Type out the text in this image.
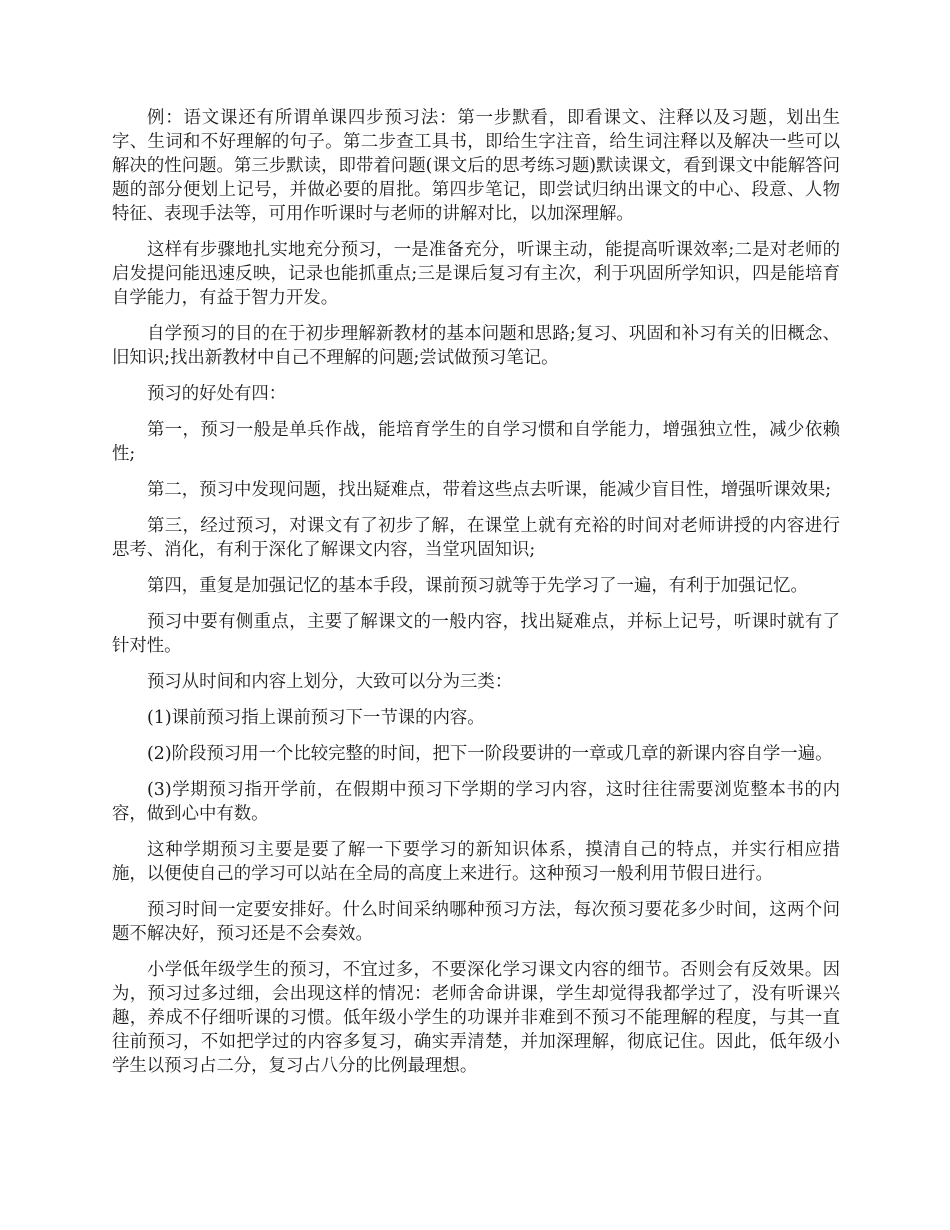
例：语文课还有所谓单课四步预习法：第一步默看，即看课文、注释以及习题，划出生字、生词和不好理解的句子。第二步查工具书，即给生字注音，给生词注释以及解决一些可以解决的性问题。第三步默读，即带着问题(课文后的思考练习题)默读课文，看到课文中能解答问题的部分便划上记号，并做必要的眉批。第四步笔记，即尝试归纳出课文的中心、段意、人物特征、表现手法等，可用作听课时与老师的讲解对比，以加深理解。

这样有步骤地扎实地充分预习，一是准备充分，听课主动，能提高听课效率;二是对老师的启发提问能迅速反映，记录也能抓重点;三是课后复习有主次，利于巩固所学知识，四是能培育自学能力，有益于智力开发。

自学预习的目的在于初步理解新教材的基本问题和思路;复习、巩固和补习有关的旧概念、旧知识;找出新教材中自己不理解的问题;尝试做预习笔记。

预习的好处有四：

第一，预习一般是单兵作战，能培育学生的自学习惯和自学能力，增强独立性，减少依赖性;

第二，预习中发现问题，找出疑难点，带着这些点去听课，能减少盲目性，增强听课效果;

第三，经过预习，对课文有了初步了解，在课堂上就有充裕的时间对老师讲授的内容进行思考、消化，有利于深化了解课文内容，当堂巩固知识;

第四，重复是加强记忆的基本手段，课前预习就等于先学习了一遍，有利于加强记忆。

预习中要有侧重点，主要了解课文的一般内容，找出疑难点，并标上记号，听课时就有了针对性。

预习从时间和内容上划分，大致可以分为三类：

(1)课前预习指上课前预习下一节课的内容。

(2)阶段预习用一个比较完整的时间，把下一阶段要讲的一章或几章的新课内容自学一遍。

(3)学期预习指开学前，在假期中预习下学期的学习内容，这时往往需要浏览整本书的内容，做到心中有数。

这种学期预习主要是要了解一下要学习的新知识体系，摸清自己的特点，并实行相应措施，以便使自己的学习可以站在全局的高度上来进行。这种预习一般利用节假日进行。

预习时间一定要安排好。什么时间采纳哪种预习方法，每次预习要花多少时间，这两个问题不解决好，预习还是不会奏效。

小学低年级学生的预习，不宜过多，不要深化学习课文内容的细节。否则会有反效果。因为，预习过多过细，会出现这样的情况：老师舍命讲课，学生却觉得我都学过了，没有听课兴趣，养成不仔细听课的习惯。低年级小学生的功课并非难到不预习不能理解的程度，与其一直往前预习，不如把学过的内容多复习，确实弄清楚，并加深理解，彻底记住。因此，低年级小学生以预习占二分，复习占八分的比例最理想。
